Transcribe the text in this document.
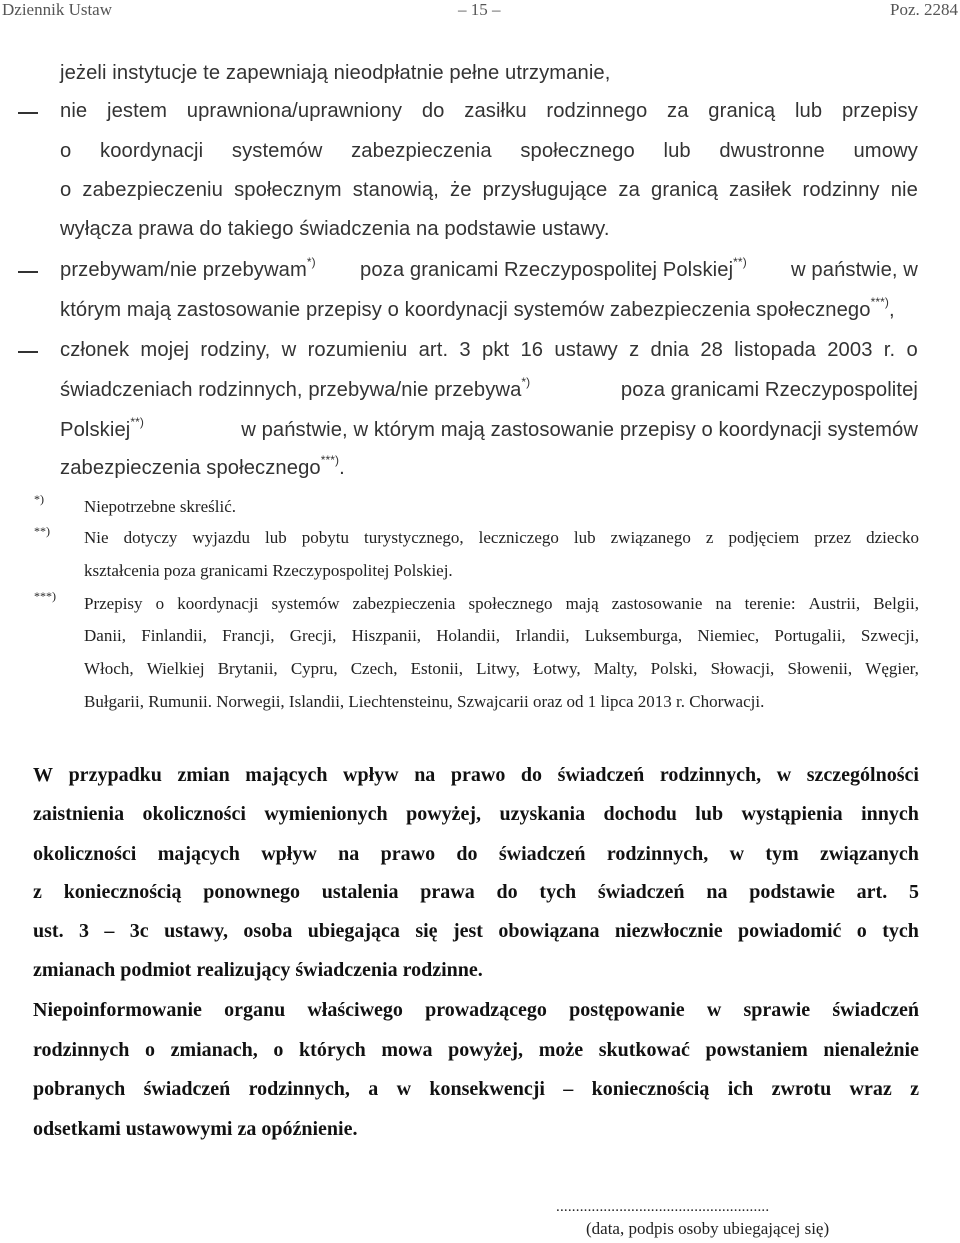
Dziennik Ustaw	– 15 –	Poz. 2284
jeżeli instytucje te zapewniają nieodpłatnie pełne utrzymanie,
nie jestem uprawniona/uprawniony do zasiłku rodzinnego za granicą lub przepisy
o koordynacji systemów zabezpieczenia społecznego lub dwustronne umowy
o zabezpieczeniu społecznym stanowią, że przysługujące za granicą zasiłek rodzinny nie
wyłącza prawa do takiego świadczenia na podstawie ustawy.
przebywam/nie przebywam*) poza granicami Rzeczypospolitej Polskiej**) w państwie, w
którym mają zastosowanie przepisy o koordynacji systemów zabezpieczenia społecznego***),
członek mojej rodziny, w rozumieniu art. 3 pkt 16 ustawy z dnia 28 listopada 2003 r. o
świadczeniach rodzinnych, przebywa/nie przebywa*)	poza granicami Rzeczypospolitej
Polskiej**)	w państwie, w którym mają zastosowanie przepisy o koordynacji systemów
zabezpieczenia społecznego***).
*) Niepotrzebne skreślić.
**) Nie dotyczy wyjazdu lub pobytu turystycznego, leczniczego lub związanego z podjęciem przez dziecko
kształcenia poza granicami Rzeczypospolitej Polskiej.
***) Przepisy o koordynacji systemów zabezpieczenia społecznego mają zastosowanie na terenie: Austrii, Belgii,
Danii, Finlandii, Francji, Grecji, Hiszpanii, Holandii, Irlandii, Luksemburga, Niemiec, Portugalii, Szwecji,
Włoch, Wielkiej Brytanii, Cypru, Czech, Estonii, Litwy, Łotwy, Malty, Polski, Słowacji, Słowenii, Węgier,
Bułgarii, Rumunii. Norwegii, Islandii, Liechtensteinu, Szwajcarii oraz od 1 lipca 2013 r. Chorwacji.
W przypadku zmian mających wpływ na prawo do świadczeń rodzinnych, w szczególności
zaistnienia okoliczności wymienionych powyżej, uzyskania dochodu lub wystąpienia innych
okoliczności mających wpływ na prawo do świadczeń rodzinnych, w tym związanych
z koniecznością ponownego ustalenia prawa do tych świadczeń na podstawie art. 5
ust. 3 – 3c ustawy, osoba ubiegająca się jest obowiązana niezwłocznie powiadomić o tych
zmianach podmiot realizujący świadczenia rodzinne.
Niepoinformowanie organu właściwego prowadzącego postępowanie w sprawie świadczeń
rodzinnych o zmianach, o których mowa powyżej, może skutkować powstaniem nienależnie
pobranych świadczeń rodzinnych, a w konsekwencji – koniecznością ich zwrotu wraz z
odsetkami ustawowymi za opóźnienie.
......................................................
(data, podpis osoby ubiegającej się)
